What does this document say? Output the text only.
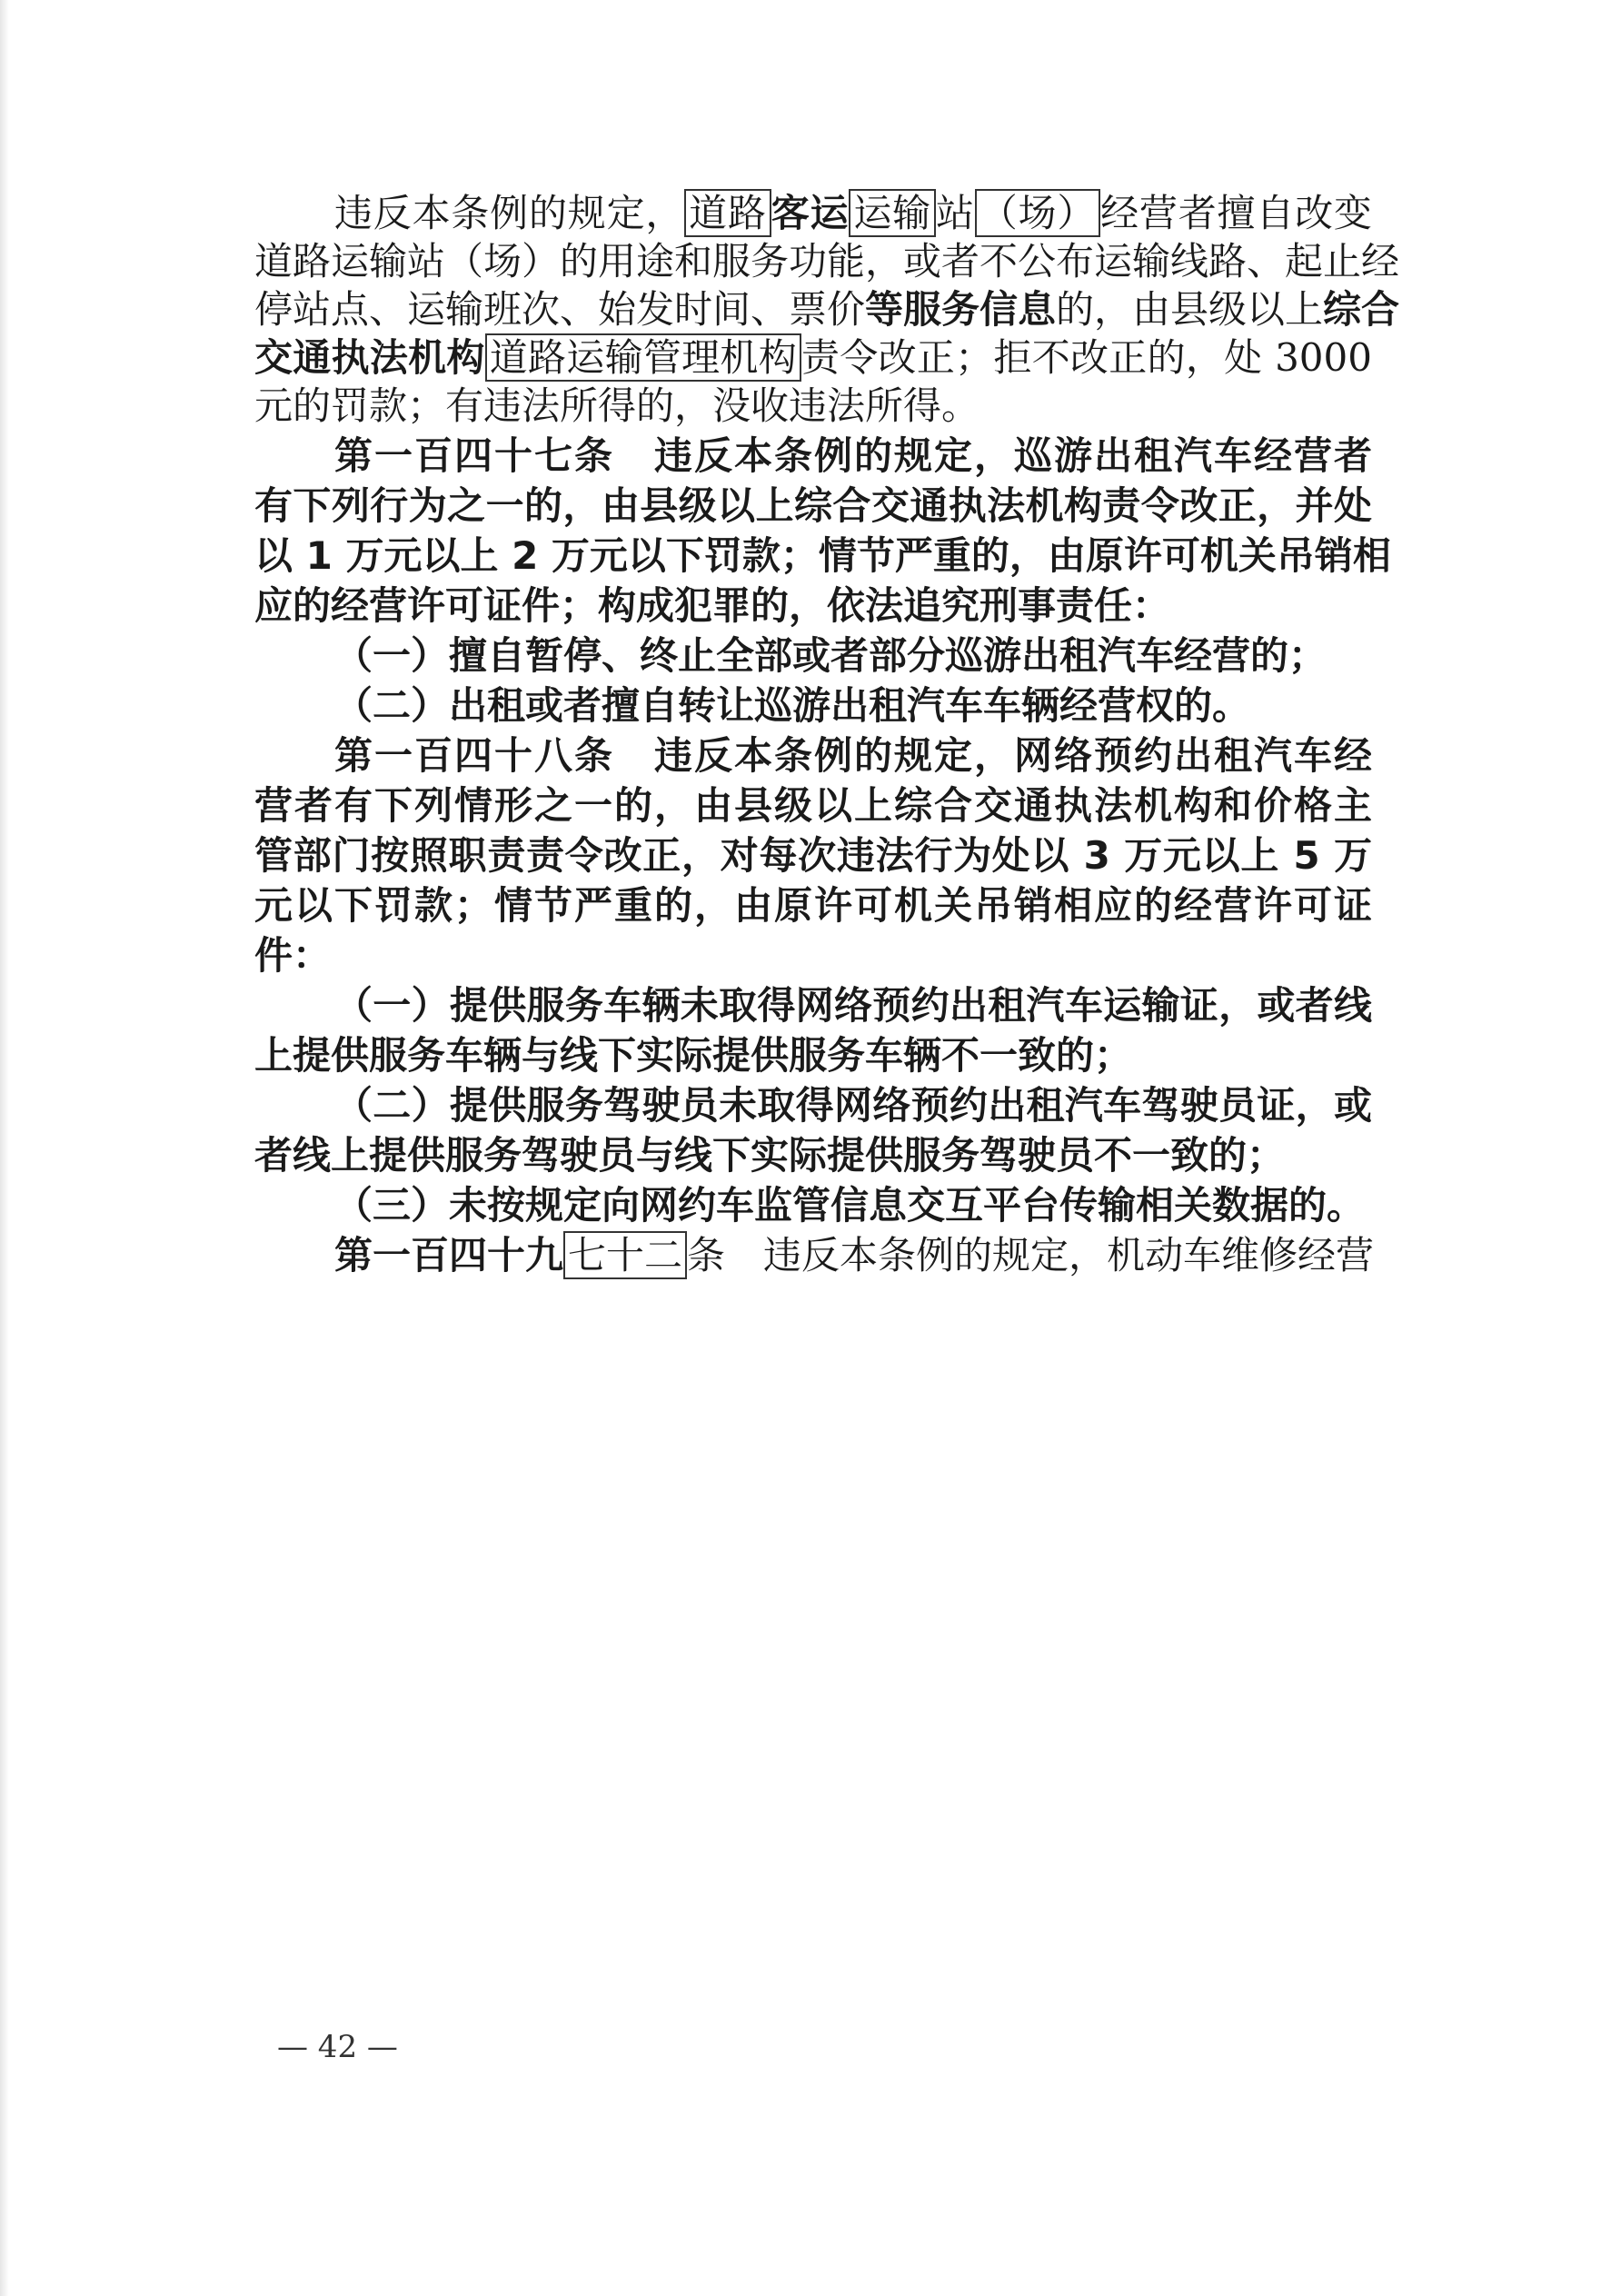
违反本条例的规定， 道路 客运 运输 站 （场） 经营者擅自改变
道路运输站（场）的用途和服务功能，或者不公布运输线路、起止经
停站点、运输班次、始发时间、票价等服务信息的，由县级以上综合
交通执法机构 道路运输管理机构 责令改正；拒不改正的，处 3000
元的罚款；有违法所得的，没收违法所得。
第一百四十七条　违反本条例的规定，巡游出租汽车经营者
有下列行为之一的，由县级以上综合交通执法机构责令改正，并处
以 1 万元以上 2 万元以下罚款；情节严重的，由原许可机关吊销相
应的经营许可证件；构成犯罪的，依法追究刑事责任：
（一）擅自暂停、终止全部或者部分巡游出租汽车经营的；
（二）出租或者擅自转让巡游出租汽车车辆经营权的。
第一百四十八条　违反本条例的规定，网络预约出租汽车经
营者有下列情形之一的，由县级以上综合交通执法机构和价格主
管部门按照职责责令改正，对每次违法行为处以 3 万元以上 5 万
元以下罚款；情节严重的，由原许可机关吊销相应的经营许可证
件：
（一）提供服务车辆未取得网络预约出租汽车运输证，或者线
上提供服务车辆与线下实际提供服务车辆不一致的；
（二）提供服务驾驶员未取得网络预约出租汽车驾驶员证，或
者线上提供服务驾驶员与线下实际提供服务驾驶员不一致的；
（三）未按规定向网约车监管信息交互平台传输相关数据的。
第一百四十九 七十二 条　违反本条例的规定，机动车维修经营
— 42 —
